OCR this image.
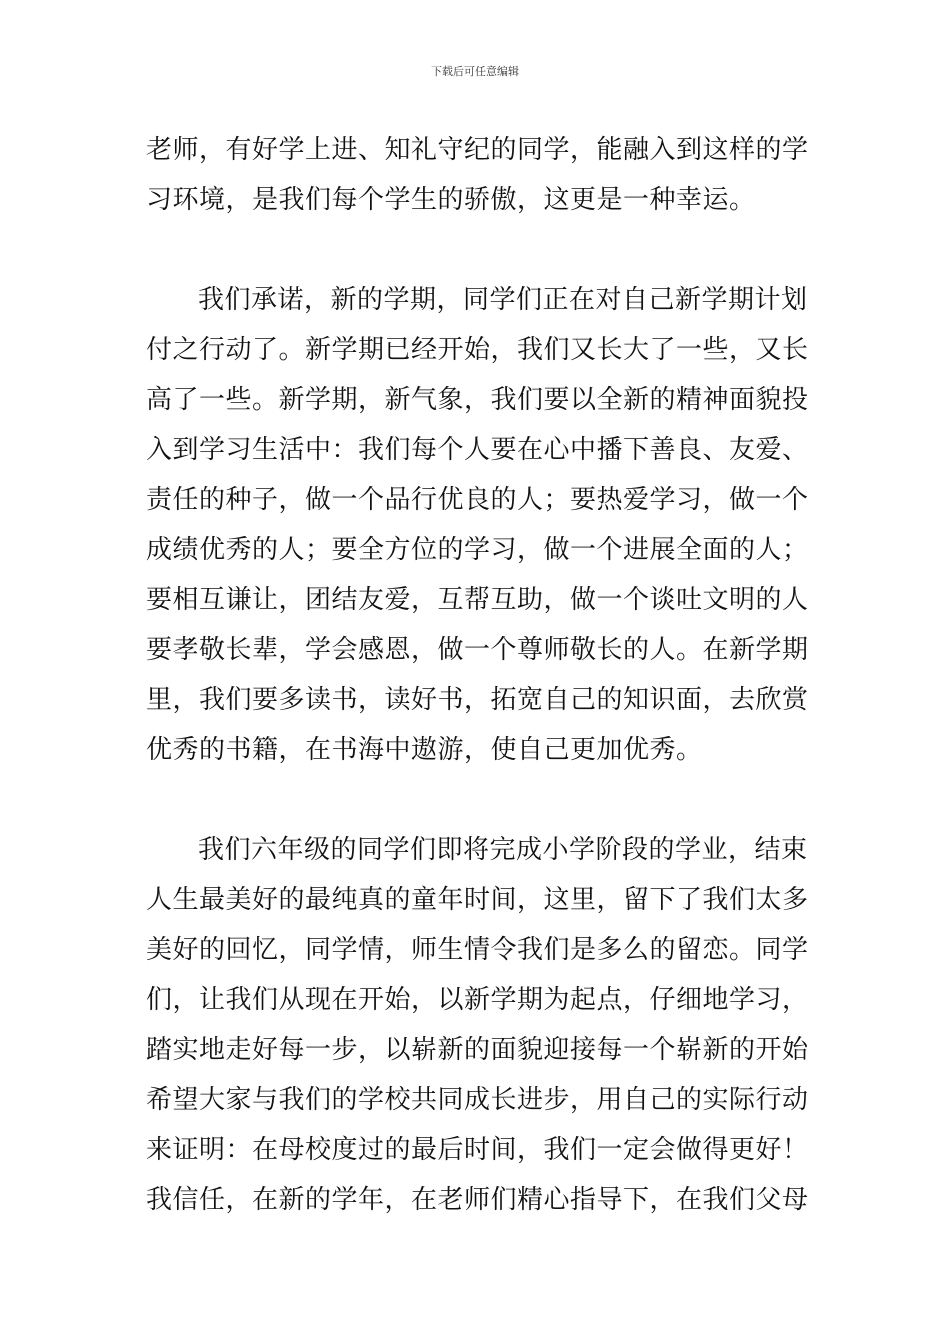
下载后可任意编辑
老师，有好学上进、知礼守纪的同学，能融入到这样的学
习环境，是我们每个学生的骄傲，这更是一种幸运。
我们承诺，新的学期，同学们正在对自己新学期计划
付之行动了。新学期已经开始，我们又长大了一些，又长
高了一些。新学期，新气象，我们要以全新的精神面貌投
入到学习生活中：我们每个人要在心中播下善良、友爱、
责任的种子，做一个品行优良的人；要热爱学习，做一个
成绩优秀的人；要全方位的学习，做一个进展全面的人；
要相互谦让，团结友爱，互帮互助，做一个谈吐文明的人
要孝敬长辈，学会感恩，做一个尊师敬长的人。在新学期
里，我们要多读书，读好书，拓宽自己的知识面，去欣赏
优秀的书籍，在书海中遨游，使自己更加优秀。
我们六年级的同学们即将完成小学阶段的学业，结束
人生最美好的最纯真的童年时间，这里，留下了我们太多
美好的回忆，同学情，师生情令我们是多么的留恋。同学
们，让我们从现在开始，以新学期为起点，仔细地学习，
踏实地走好每一步，以崭新的面貌迎接每一个崭新的开始
希望大家与我们的学校共同成长进步，用自己的实际行动
来证明：在母校度过的最后时间，我们一定会做得更好！
我信任，在新的学年，在老师们精心指导下，在我们父母
